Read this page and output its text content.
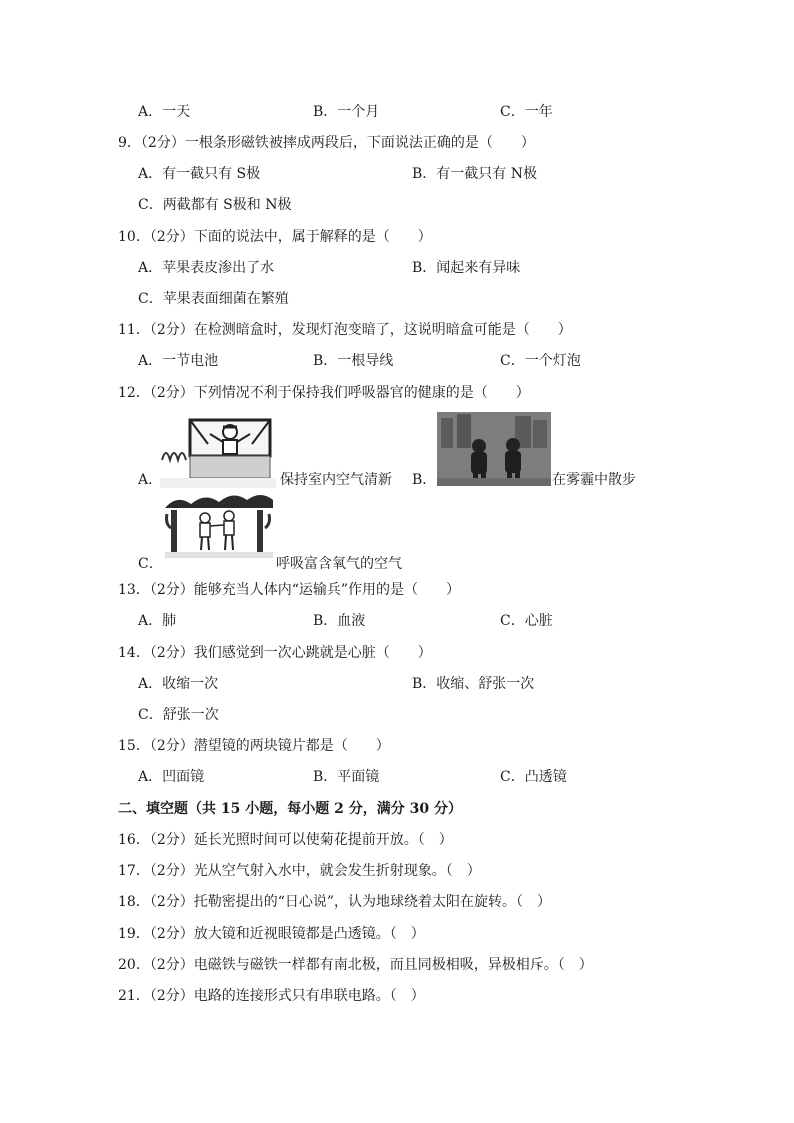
A．一天	B．一个月	C．一年
9．（2分）一根条形磁铁被摔成两段后，下面说法正确的是（　　）
A．有一截只有 S极	B．有一截只有 N极
C．两截都有 S极和 N极
10．（2分）下面的说法中，属于解释的是（　　）
A．苹果表皮渗出了水	B．闻起来有异味
C．苹果表面细菌在繁殖
11．（2分）在检测暗盒时，发现灯泡变暗了，这说明暗盒可能是（　　）
A．一节电池	B．一根导线	C．一个灯泡
12．（2分）下列情况不利于保持我们呼吸器官的健康的是（　　）
A．	保持室内空气清新 B．	在雾霾中散步
C．	呼吸富含氧气的空气
13．（2分）能够充当人体内“运输兵”作用的是（　　）
A．肺	B．血液	C．心脏
14．（2分）我们感觉到一次心跳就是心脏（　　）
A．收缩一次	B．收缩、舒张一次
C．舒张一次
15．（2分）潜望镜的两块镜片都是（　　）
A．凹面镜	B．平面镜	C．凸透镜
二、填空题（共 15 小题，每小题 2 分，满分 30 分）
16．（2分）延长光照时间可以使菊花提前开放。（　）
17．（2分）光从空气射入水中，就会发生折射现象。（　）
18．（2分）托勒密提出的“日心说”，认为地球绕着太阳在旋转。（　）
19．（2分）放大镜和近视眼镜都是凸透镜。（　）
20．（2分）电磁铁与磁铁一样都有南北极，而且同极相吸，异极相斥。（　）
21．（2分）电路的连接形式只有串联电路。（　）
